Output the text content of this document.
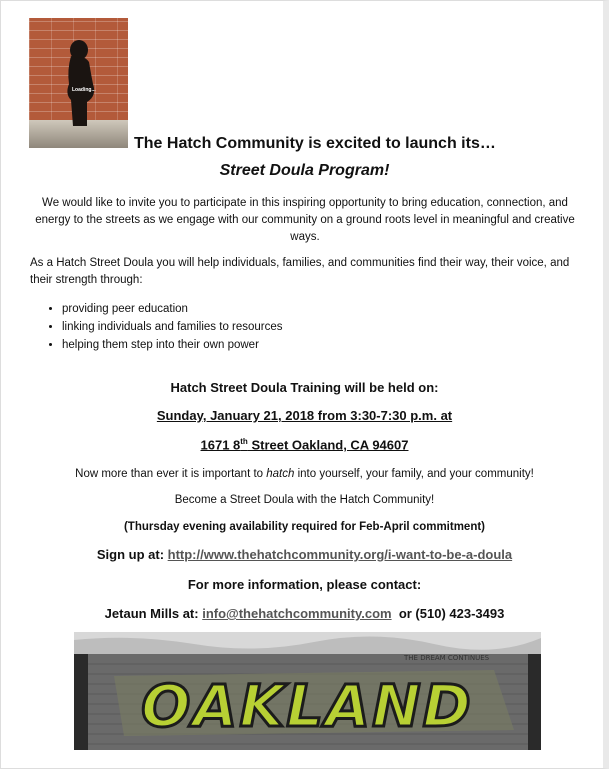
Loading...
The Hatch Community is excited to launch its…
Street Doula Program!

We would like to invite you to participate in this inspiring opportunity to bring education, connection, and energy to the streets as we engage with our community on a ground roots level in meaningful and creative ways.

As a Hatch Street Doula you will help individuals, families, and communities find their way, their voice, and their strength through:

• providing peer education
• linking individuals and families to resources
• helping them step into their own power

Hatch Street Doula Training will be held on:

Sunday, January 21, 2018 from 3:30-7:30 p.m. at

1671 8th Street Oakland, CA 94607

Now more than ever it is important to hatch into yourself, your family, and your community!

Become a Street Doula with the Hatch Community!

(Thursday evening availability required for Feb-April commitment)

Sign up at: http://www.thehatchcommunity.org/i-want-to-be-a-doula

For more information, please contact:

Jetaun Mills at: info@thehatchcommunity.com  or (510) 423-3493

OAKLAND
THE DREAM CONTINUES
